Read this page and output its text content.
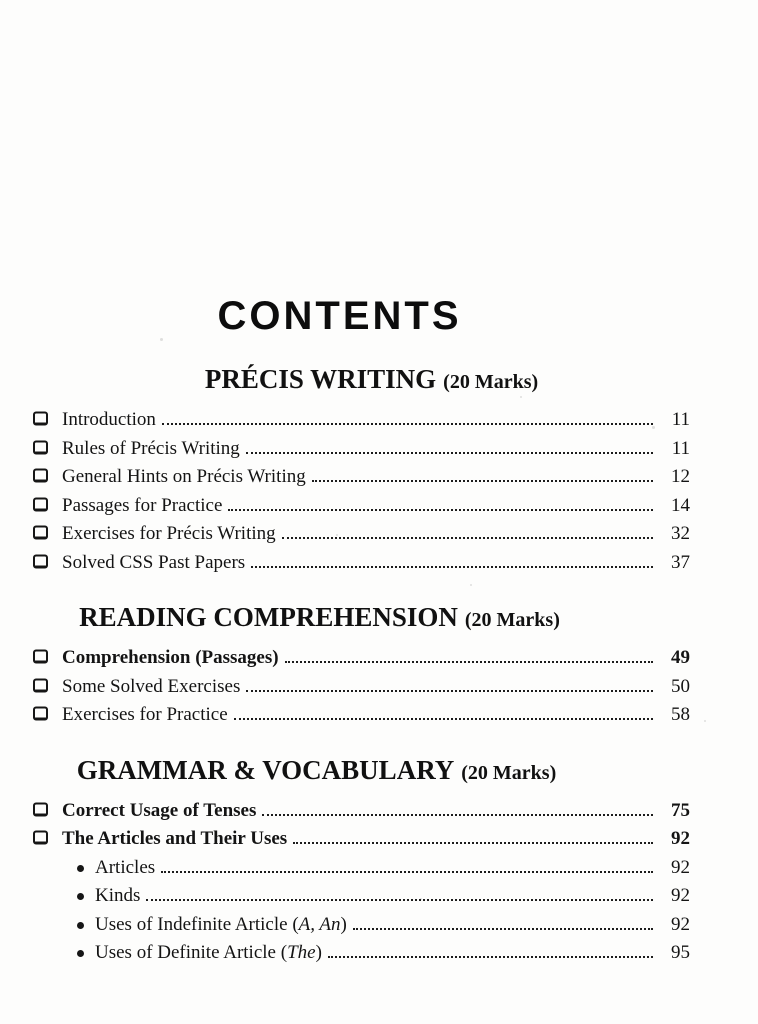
CONTENTS
PRÉCIS WRITING (20 Marks)
Introduction	11
Rules of Précis Writing	11
General Hints on Précis Writing	12
Passages for Practice	14
Exercises for Précis Writing	32
Solved CSS Past Papers	37
READING COMPREHENSION (20 Marks)
Comprehension (Passages)	49
Some Solved Exercises	50
Exercises for Practice	58
GRAMMAR & VOCABULARY (20 Marks)
Correct Usage of Tenses	75
The Articles and Their Uses	92
Articles	92
Kinds	92
Uses of Indefinite Article (A, An)	92
Uses of Definite Article (The)	95
